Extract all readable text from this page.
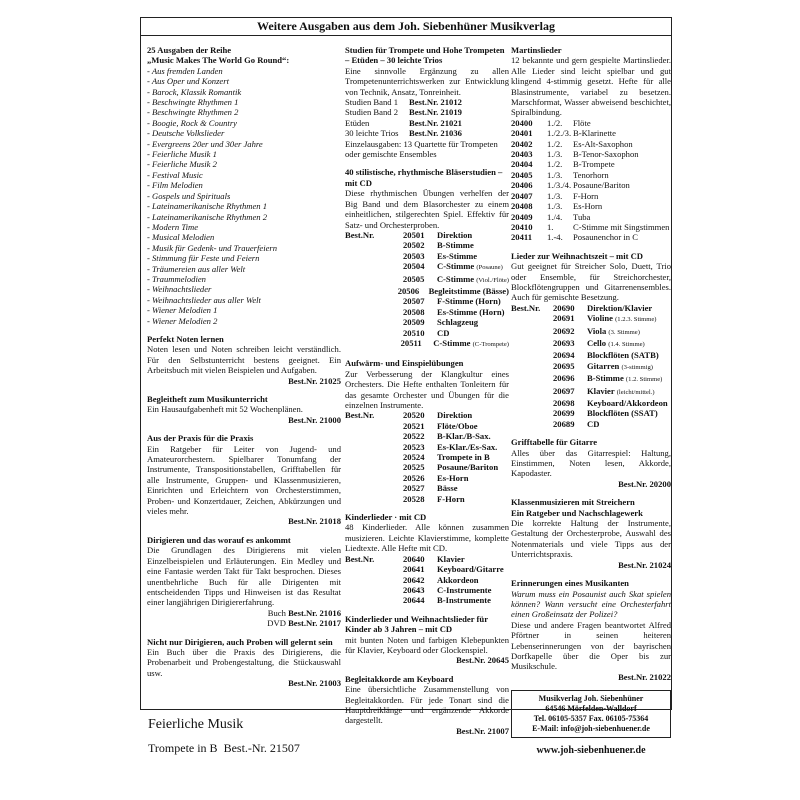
Weitere Ausgaben aus dem Joh. Siebenhüner Musikverlag
25 Ausgaben der Reihe
„Music Makes The World Go Round“:
- Aus fremden Landen
- Aus Oper und Konzert
- Barock, Klassik Romantik
- Beschwingte Rhythmen 1
- Beschwingte Rhythmen 2
- Boogie, Rock & Country
- Deutsche Volkslieder
- Evergreens 20er und 30er Jahre
- Feierliche Musik 1
- Feierliche Musik 2
- Festival Music
- Film Melodien
- Gospels und Spirituals
- Lateinamerikanische Rhythmen 1
- Lateinamerikanische Rhythmen 2
- Modern Time
- Musical Melodien
- Musik für Gedenk- und Trauerfeiern
- Stimmung für Feste und Feiern
- Träumereien aus aller Welt
- Traummelodien
- Weihnachtslieder
- Weihnachtslieder aus aller Welt
- Wiener Melodien 1
- Wiener Melodien 2
Perfekt Noten lernen
Noten lesen und Noten schreiben leicht verständlich. Für den Selbstunterricht bestens geeignet. Ein Arbeitsbuch mit vielen Beispielen und Aufgaben.
Best.Nr. 21025
Begleitheft zum Musikunterricht
Ein Hausaufgabenheft mit 52 Wochenplänen.
Best.Nr. 21000
Aus der Praxis für die Praxis
Ein Ratgeber für Leiter von Jugend- und Amateurorchestern. Spielbarer Tonumfang der Instrumente, Transpositionstabellen, Grifftabellen für alle Instrumente, Gruppen- und Klassenmusizieren, Einrichten und Erleichtern von Orchesterstimmen, Proben- und Konzertdauer, Zeichen, Abkürzungen und vieles mehr.
Best.Nr. 21018
Dirigieren und das worauf es ankommt
Die Grundlagen des Dirigierens mit vielen Einzelbeispielen und Erläuterungen. Ein Medley und eine Fantasie werden Takt für Takt besprochen. Dieses unentbehrliche Buch für alle Dirigenten mit entscheidenden Tipps und Hinweisen ist das Resultat einer langjährigen Dirigiererfahrung.
Buch Best.Nr. 21016
DVD Best.Nr. 21017
Nicht nur Dirigieren, auch Proben will gelernt sein
Ein Buch über die Praxis des Dirigierens, die Probenarbeit und Probengestaltung, die Stückauswahl usw.
Best.Nr. 21003
Studien für Trompete und Hohe Trompeten – Etüden – 30 leichte Trios
Eine sinnvolle Ergänzung zu allen Trompetenunterrichtswerken zur Entwicklung von Technik, Ansatz, Tonreinheit.
Studien Band 1	Best.Nr. 21012
Studien Band 2	Best.Nr. 21019
Etüden	Best.Nr. 21021
30 leichte Trios	Best.Nr. 21036
Einzelausgaben: 13 Quartette für Trompeten oder gemischte Ensembles
40 stilistische, rhythmische Bläserstudien – mit CD
Diese rhythmischen Übungen verhelfen der Big Band und dem Blasorchester zu einem einheitlichen, stilgerechten Spiel. Effektiv für Satz- und Orchesterproben.
Best.Nr.	20501	Direktion
20502	B-Stimme
20503	Es-Stimme
20504	C-Stimme (Posaune)
20505	C-Stimme (Viol./Flöte)
20506	Begleitstimme (Bässe)
20507	F-Stimme (Horn)
20508	Es-Stimme (Horn)
20509	Schlagzeug
20510	CD
20511	C-Stimme (C-Trompete)
Aufwärm- und Einspielübungen
Zur Verbesserung der Klangkultur eines Orchesters. Die Hefte enthalten Tonleitern für das gesamte Orchester und Übungen für die einzelnen Instrumente.
Best.Nr.	20520	Direktion
20521	Flöte/Oboe
20522	B-Klar./B-Sax.
20523	Es-Klar./Es-Sax.
20524	Trompete in B
20525	Posaune/Bariton
20526	Es-Horn
20527	Bässe
20528	F-Horn
Kinderlieder · mit CD
48 Kinderlieder. Alle können zusammen musizieren. Leichte Klavierstimme, komplette Liedtexte. Alle Hefte mit CD.
Best.Nr.	20640	Klavier
20641	Keyboard/Gitarre
20642	Akkordeon
20643	C-Instrumente
20644	B-Instrumente
Kinderlieder und Weihnachtslieder für Kinder ab 3 Jahren – mit CD
mit bunten Noten und farbigen Klebepunkten für Klavier, Keyboard oder Glockenspiel.
Best.Nr. 20645
Begleitakkorde am Keyboard
Eine übersichtliche Zusammenstellung von Begleitakkorden. Für jede Tonart sind die Hauptdreiklänge und ergänzende Akkorde dargestellt.
Best.Nr. 21007
Martinslieder
12 bekannte und gern gespielte Martinslieder. Alle Lieder sind leicht spielbar und gut klingend 4-stimmig gesetzt. Hefte für alle Blasinstrumente, variabel zu besetzen. Marschformat, Wasser abweisend beschichtet, Spiralbindung.
20400	1./2.	Flöte
20401	1./2./3. B-Klarinette
20402	1./2.	Es-Alt-Saxophon
20403	1./3.	B-Tenor-Saxophon
20404	1./2.	B-Trompete
20405	1./3.	Tenorhorn
20406	1./3./4. Posaune/Bariton
20407	1./3.	F-Horn
20408	1./3.	Es-Horn
20409	1./4.	Tuba
20410	1.	C-Stimme mit Singstimmen
20411	1.-4.	Posaunenchor in C
Lieder zur Weihnachtszeit – mit CD
Gut geeignet für Streicher Solo, Duett, Trio oder Ensemble, für Streichorchester, Blockflötengruppen und Gitarrenensembles. Auch für gemischte Besetzung.
Best.Nr.	20690	Direktion/Klavier
20691	Violine (1.2.3. Stimme)
20692	Viola (3. Stimme)
20693	Cello (1.4. Stimme)
20694	Blockflöten (SATB)
20695	Gitarren (3-stimmig)
20696	B-Stimme (1.2. Stimme)
20697	Klavier (leicht/mittel.)
20698	Keyboard/Akkordeon
20699	Blockflöten (SSAT)
20689	CD
Grifftabelle für Gitarre
Alles über das Gitarrespiel: Haltung, Einstimmen, Noten lesen, Akkorde, Kapodaster.
Best.Nr. 20200
Klassenmusizieren mit Streichern
Ein Ratgeber und Nachschlagewerk
Die korrekte Haltung der Instrumente, Gestaltung der Orchesterprobe, Auswahl des Notenmaterials und viele Tipps aus der Unterrichtspraxis.
Best.Nr. 21024
Erinnerungen eines Musikanten
Warum muss ein Posaunist auch Skat spielen können? Wann versucht eine Orchesterfahrt einen Großeinsatz der Polizei?
Diese und andere Fragen beantwortet Alfred Pförtner in seinen heiteren Lebenserinnerungen von der bayrischen Dorfkapelle über die Oper bis zur Musikschule.
Best.Nr. 21022
Musikverlag Joh. Siebenhüner
64546 Mörfelden-Walldorf
Tel. 06105-5357 Fax. 06105-75364
E-Mail: info@joh-siebenhuener.de
www.joh-siebenhuener.de
Feierliche Musik
Trompete in B Best.-Nr. 21507
